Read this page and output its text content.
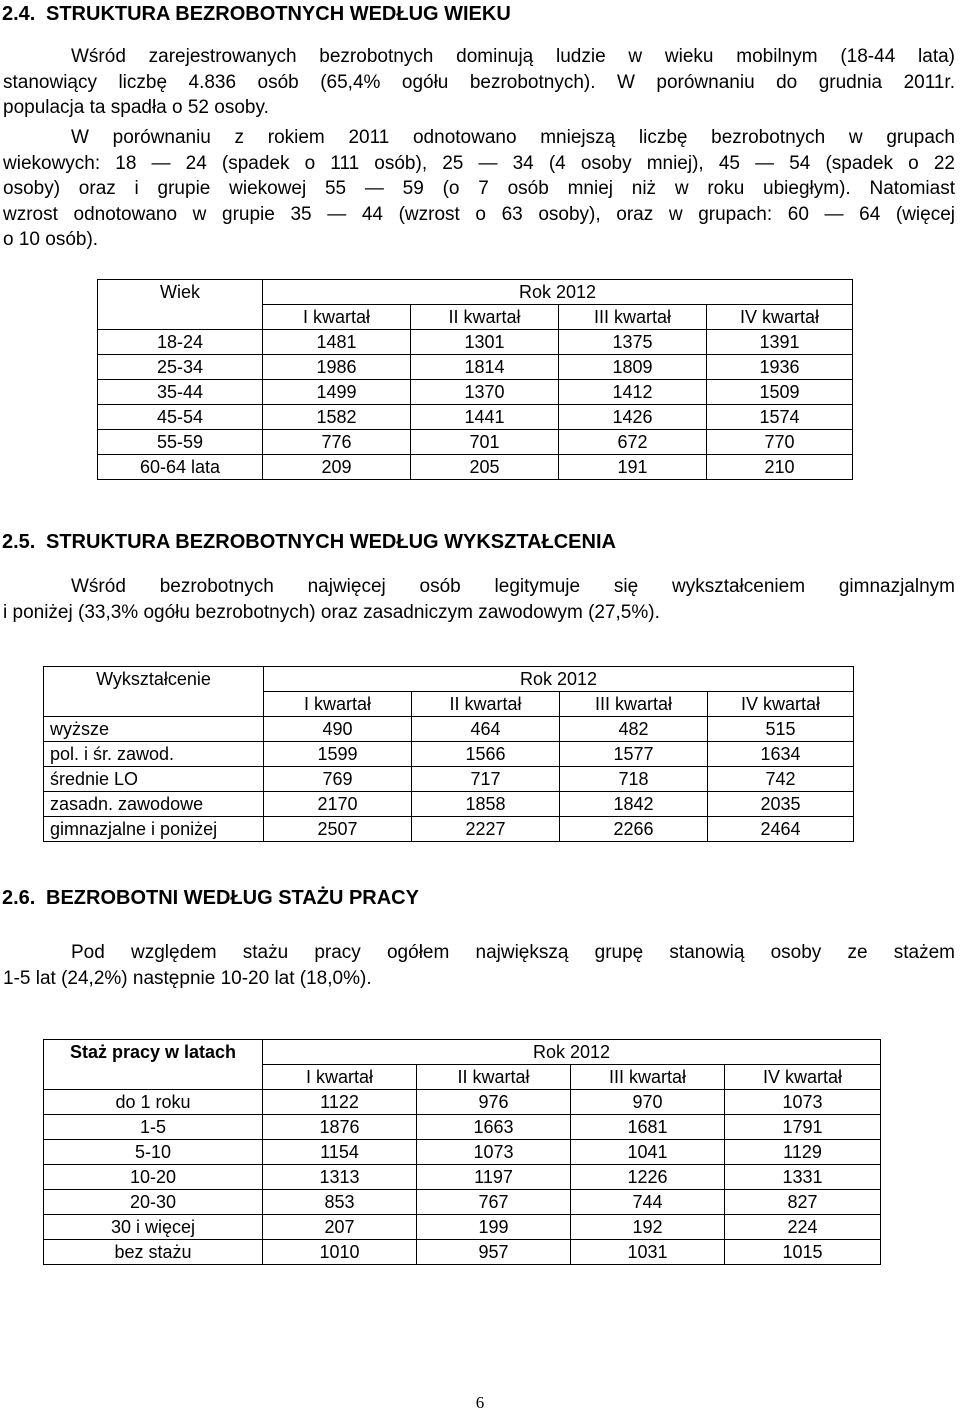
2.4. STRUKTURA BEZROBOTNYCH WEDŁUG WIEKU

Wśród zarejestrowanych bezrobotnych dominują ludzie w wieku mobilnym (18-44 lata)
stanowiący liczbę 4.836 osób (65,4% ogółu bezrobotnych). W porównaniu do grudnia 2011r.
populacja ta spadła o 52 osoby.

W porównaniu z rokiem 2011 odnotowano mniejszą liczbę bezrobotnych w grupach
wiekowych: 18 — 24 (spadek o 111 osób), 25 — 34 (4 osoby mniej), 45 — 54 (spadek o 22
osoby) oraz i grupie wiekowej 55 — 59 (o 7 osób mniej niż w roku ubiegłym). Natomiast
wzrost odnotowano w grupie 35 — 44 (wzrost o 63 osoby), oraz w grupach: 60 — 64 (więcej
o 10 osób).

Wiek	Rok 2012			
	I kwartał	II kwartał	III kwartał	IV kwartał
18-24	1481	1301	1375	1391
25-34	1986	1814	1809	1936
35-44	1499	1370	1412	1509
45-54	1582	1441	1426	1574
55-59	776	701	672	770
60-64 lata	209	205	191	210
2.5. STRUKTURA BEZROBOTNYCH WEDŁUG WYKSZTAŁCENIA

Wśród bezrobotnych najwięcej osób legitymuje się wykształceniem gimnazjalnym
i poniżej (33,3% ogółu bezrobotnych) oraz zasadniczym zawodowym (27,5%).

Wykształcenie	Rok 2012			
	I kwartał	II kwartał	III kwartał	IV kwartał
wyższe	490	464	482	515
pol. i śr. zawod.	1599	1566	1577	1634
średnie LO	769	717	718	742
zasadn. zawodowe	2170	1858	1842	2035
gimnazjalne i poniżej	2507	2227	2266	2464
2.6. BEZROBOTNI WEDŁUG STAŻU PRACY

Pod względem stażu pracy ogółem największą grupę stanowią osoby ze stażem
1-5 lat (24,2%) następnie 10-20 lat (18,0%).

Staż pracy w latach	Rok 2012			
	I kwartał	II kwartał	III kwartał	IV kwartał
do 1 roku	1122	976	970	1073
1-5	1876	1663	1681	1791
5-10	1154	1073	1041	1129
10-20	1313	1197	1226	1331
20-30	853	767	744	827
30 i więcej	207	199	192	224
bez stażu	1010	957	1031	1015
6
